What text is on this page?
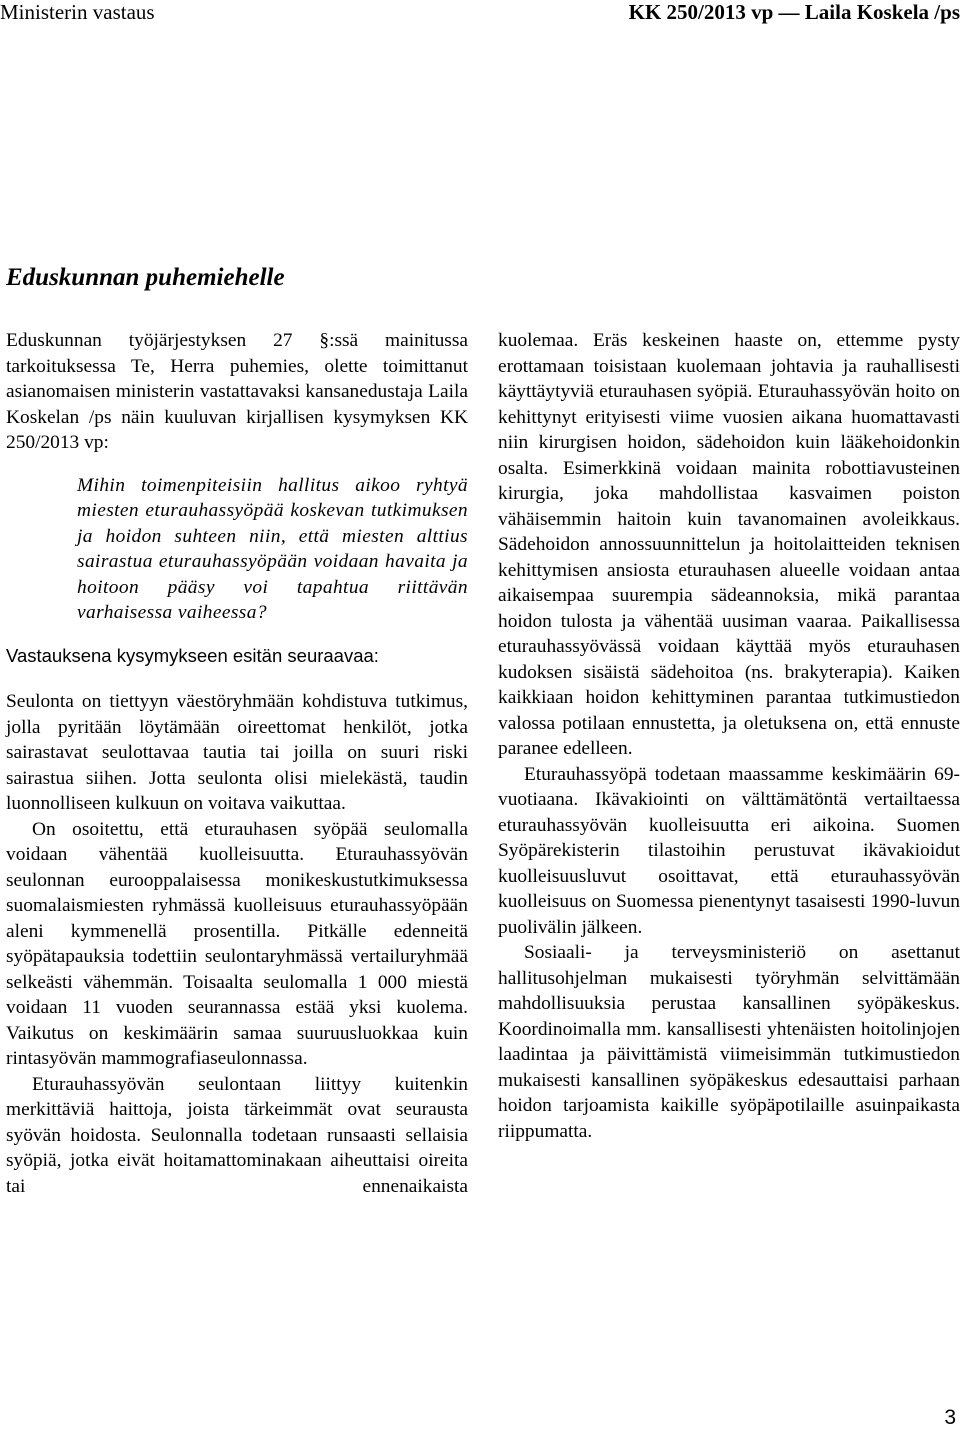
Ministerin vastaus	KK 250/2013 vp — Laila Koskela /ps
Eduskunnan puhemiehelle

Eduskunnan työjärjestyksen 27 §:ssä mainitussa tarkoituksessa Te, Herra puhemies, olette toimittanut asianomaisen ministerin vastattavaksi kansanedustaja Laila Koskelan /ps näin kuuluvan kirjallisen kysymyksen KK 250/2013 vp:

Mihin toimenpiteisiin hallitus aikoo ryhtyä miesten eturauhassyöpää koskevan tutkimuksen ja hoidon suhteen niin, että miesten alttius sairastua eturauhassyöpään voidaan havaita ja hoitoon pääsy voi tapahtua riittävän varhaisessa vaiheessa?

Vastauksena kysymykseen esitän seuraavaa:

Seulonta on tiettyyn väestöryhmään kohdistuva tutkimus, jolla pyritään löytämään oireettomat henkilöt, jotka sairastavat seulottavaa tautia tai joilla on suuri riski sairastua siihen. Jotta seulonta olisi mielekästä, taudin luonnolliseen kulkuun on voitava vaikuttaa.

On osoitettu, että eturauhasen syöpää seulomalla voidaan vähentää kuolleisuutta. Eturauhassyövän seulonnan eurooppalaisessa monikeskustutkimuksessa suomalaismiesten ryhmässä kuolleisuus eturauhassyöpään aleni kymmenellä prosentilla. Pitkälle edenneitä syöpätapauksia todettiin seulontaryhmässä vertailuryhmää selkeästi vähemmän. Toisaalta seulomalla 1 000 miestä voidaan 11 vuoden seurannassa estää yksi kuolema. Vaikutus on keskimäärin samaa suuruusluokkaa kuin rintasyövän mammografiaseulonnassa.

Eturauhassyövän seulontaan liittyy kuitenkin merkittäviä haittoja, joista tärkeimmät ovat seurausta syövän hoidosta. Seulonnalla todetaan runsaasti sellaisia syöpiä, jotka eivät hoitamattominakaan aiheuttaisi oireita tai ennenaikaista

kuolemaa. Eräs keskeinen haaste on, ettemme pysty erottamaan toisistaan kuolemaan johtavia ja rauhallisesti käyttäytyviä eturauhasen syöpiä. Eturauhassyövän hoito on kehittynyt erityisesti viime vuosien aikana huomattavasti niin kirurgisen hoidon, sädehoidon kuin lääkehoidonkin osalta. Esimerkkinä voidaan mainita robottiavusteinen kirurgia, joka mahdollistaa kasvaimen poiston vähäisemmin haitoin kuin tavanomainen avoleikkaus. Sädehoidon annossuunnittelun ja hoitolaitteiden teknisen kehittymisen ansiosta eturauhasen alueelle voidaan antaa aikaisempaa suurempia sädeannoksia, mikä parantaa hoidon tulosta ja vähentää uusiman vaaraa. Paikallisessa eturauhassyövässä voidaan käyttää myös eturauhasen kudoksen sisäistä sädehoitoa (ns. brakyterapia). Kaiken kaikkiaan hoidon kehittyminen parantaa tutkimustiedon valossa potilaan ennustetta, ja oletuksena on, että ennuste paranee edelleen.

Eturauhassyöpä todetaan maassamme keskimäärin 69-vuotiaana. Ikävakiointi on välttämätöntä vertailtaessa eturauhassyövän kuolleisuutta eri aikoina. Suomen Syöpärekisterin tilastoihin perustuvat ikävakioidut kuolleisuusluvut osoittavat, että eturauhassyövän kuolleisuus on Suomessa pienentynyt tasaisesti 1990-luvun puolivälin jälkeen.

Sosiaali- ja terveysministeriö on asettanut hallitusohjelman mukaisesti työryhmän selvittämään mahdollisuuksia perustaa kansallinen syöpäkeskus. Koordinoimalla mm. kansallisesti yhtenäisten hoitolinjojen laadintaa ja päivittämistä viimeisimmän tutkimustiedon mukaisesti kansallinen syöpäkeskus edesauttaisi parhaan hoidon tarjoamista kaikille syöpäpotilaille asuinpaikasta riippumatta.

3
